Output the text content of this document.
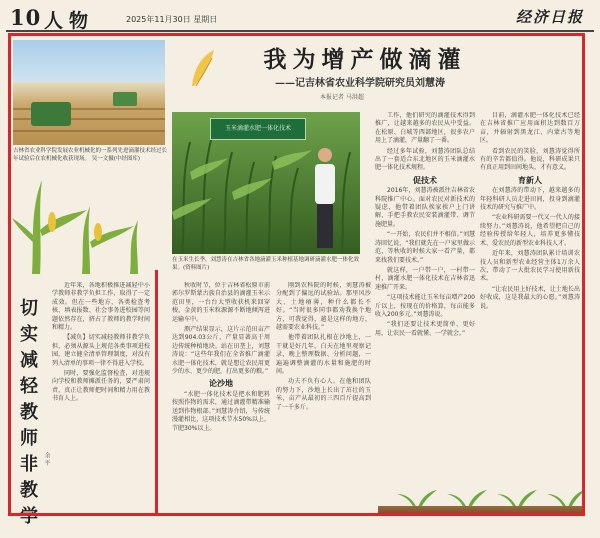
10 人物	2025年11月30日 星期日	经济日报
吉林省农业科学院发展农业机械化的一系列先进滴灌技术经过长年试验后在农机械化收获现场。 吴一文摄(中经图库)
我为增产做滴灌
——记吉林省农业科学院研究员刘慧涛
本报记者 马洪超
玉米滴灌水肥一体化技术
在玉米生长季，刘慧涛在吉林省各地滴灌玉米种植基地调研滴灌水肥一体化效果。(资料图片)

秋收时节，位于吉林省松原市前郭尔罗斯蒙古族自治县的滴灌玉米示范田里，一台台大型收获机来回穿梭，金黄的玉米粒源源不断地倾泻进运输车中。

测产结果显示，这片示范田亩产达到904.03公斤，产量显著高于周边传统种植地块。站在田垄上，刘慧涛说：“这些年我们在全省推广滴灌水肥一体化技术，就是想让农民用更少的水、更少的肥，打出更多的粮。”

论沙地

“水肥一体化技术是把水和肥料按照作物的需求，通过滴灌带精准输送到作物根部。”刘慧涛介绍，与传统漫灌相比，这项技术节水50%以上，节肥30%以上。

刚到农科院的时候，刘慧涛被分配到了偏远的试验站。那里风沙大、土地瘠薄，种什么都长不好。“当时很多同事都劝我换个地方，可我觉得，越是这样的地方，越需要农业科技。”

他带着团队扎根在沙地上，一干就是好几年。白天在地里观察记录，晚上整理数据、分析问题，一遍遍调整滴灌的水量和施肥的时间。

功夫不负有心人。在他和团队的努力下，沙地上长出了茁壮的玉米，亩产从最初的三四百斤提高到了一千多斤。

工作，他们研究的滴灌技术得到推广，让越来越多的农民从中受益。在松原、白城等西部地区，很多农户用上了滴灌，产量翻了一番。

经过多年试验，刘慧涛团队总结出了一套适合东北地区的玉米滴灌水肥一体化技术规程。

促技术

2016年，刘慧涛被派往吉林省农科院推广中心。面对农民对新技术的疑虑，他带着团队挨家挨户上门讲解，手把手教农民安装滴灌带、调节施肥量。

“一开始，农民们并不相信。”刘慧涛回忆说，“我们就先在一户家里做示范，等秋收的时候大家一看产量，都来找我们要技术。”

就这样，一户带一户，一村带一村，滴灌水肥一体化技术在吉林省迅速推广开来。

“这项技术能让玉米每亩增产200斤以上，按现在的价格算，每亩能多收入200多元。”刘慧涛说。

“我们还要让技术更简单、更好用，让农民一看就懂、一学就会。”

目前，滴灌水肥一体化技术已经在吉林省推广应用面积达到数百万亩，并辐射到黑龙江、内蒙古等地区。

看到农民的笑脸，刘慧涛觉得所有的辛苦都值得。他说，科研成果只有真正用到田间地头，才有意义。

育新人

在刘慧涛的带动下，越来越多的年轻科研人员走进田间，投身到滴灌技术的研究与推广中。

“农业科研需要一代又一代人的接续努力。”刘慧涛说，他希望把自己的经验传授给年轻人，培养更多懂技术、爱农民的新型农业科技人才。

近年来，刘慧涛团队累计培训农技人员和新型农业经营主体1万余人次，带动了一大批农民学习使用新技术。

“让农民用上好技术，让土地长出好收成，这是我最大的心愿。”刘慧涛说。

切实减轻教师非教学
余 平

近年来，各地积极推进减轻中小学教师非教学负担工作，取得了一定成效。但在一些地方，各类检查考核、填表报数、社会事务进校园等问题依然存在，挤占了教师的教学时间和精力。

【减负】切实减轻教师非教学负担，必须从源头上规范各类事项进校园，建立健全清单管理制度，对没有列入清单的事项一律不得进入学校。

同时，要强化监督检查，对违规向学校和教师摊派任务的，要严肃问责，真正让教师把时间和精力用在教书育人上。
